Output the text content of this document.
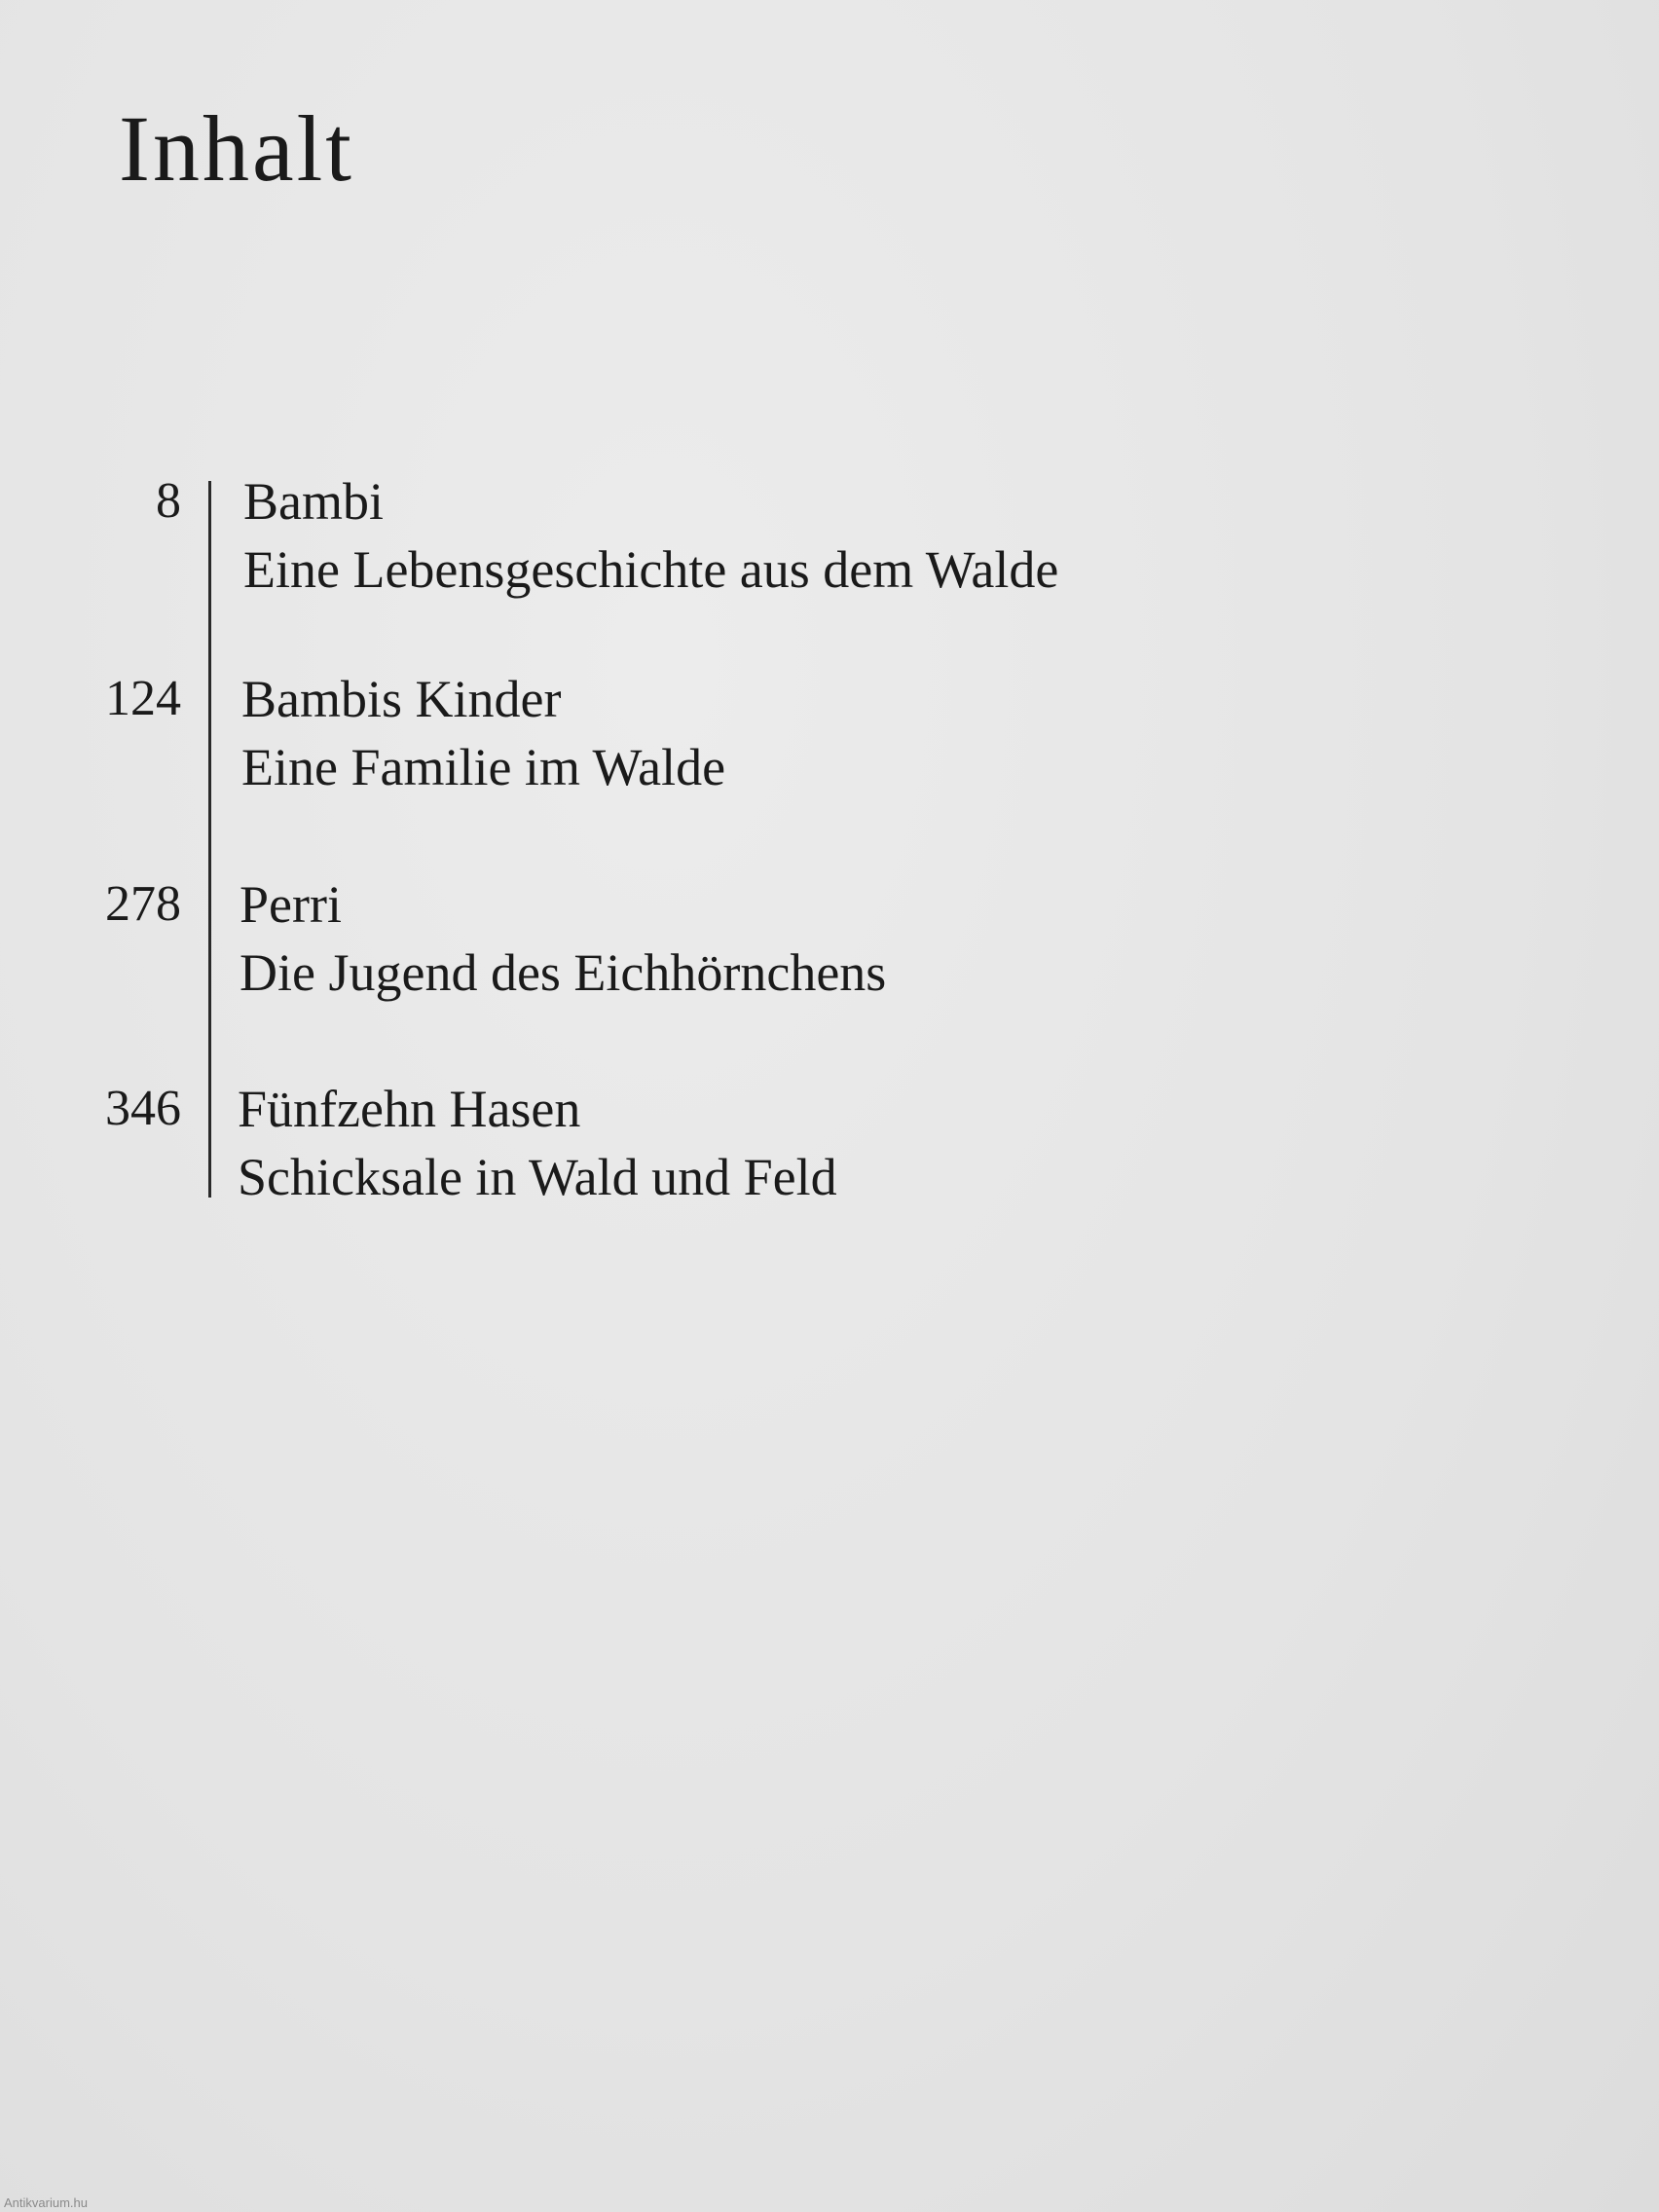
Inhalt
8 Bambi
Eine Lebensgeschichte aus dem Walde
124 Bambis Kinder
Eine Familie im Walde
278 Perri
Die Jugend des Eichhörnchens
346 Fünfzehn Hasen
Schicksale in Wald und Feld
Antikvarium.hu
